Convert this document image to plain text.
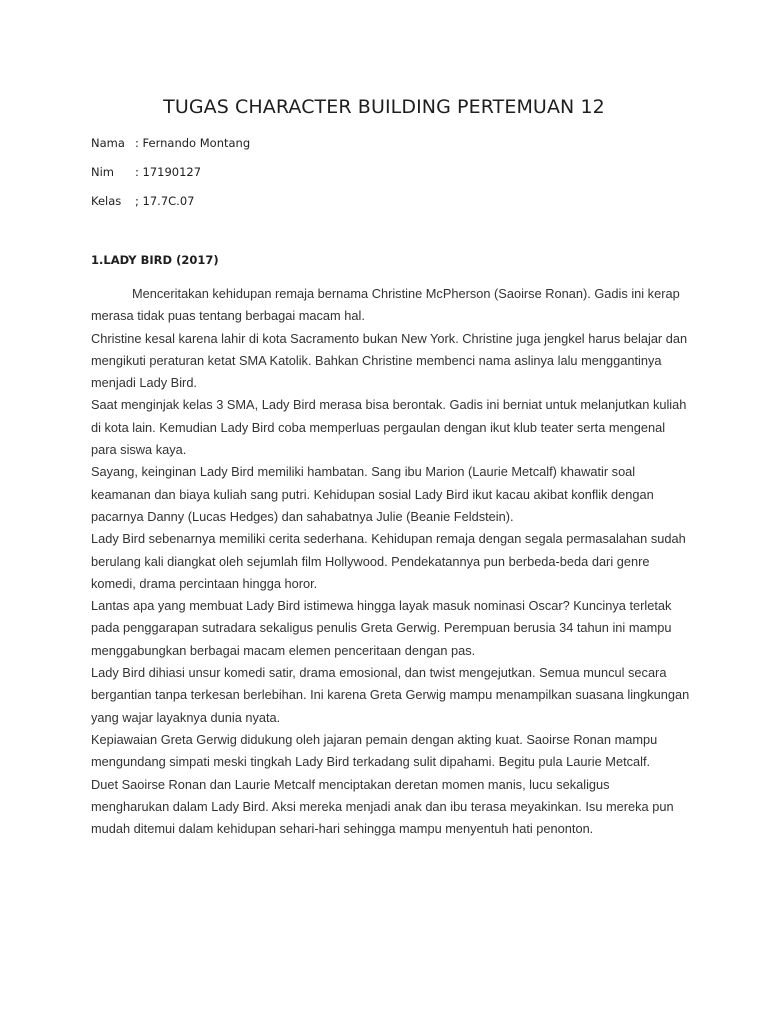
TUGAS CHARACTER BUILDING PERTEMUAN 12
Nama : Fernando Montang
Nim : 17190127
Kelas ; 17.7C.07
1.LADY BIRD (2017)

Menceritakan kehidupan remaja bernama Christine McPherson (Saoirse Ronan). Gadis ini kerap merasa tidak puas tentang berbagai macam hal.

Christine kesal karena lahir di kota Sacramento bukan New York. Christine juga jengkel harus belajar dan mengikuti peraturan ketat SMA Katolik. Bahkan Christine membenci nama aslinya lalu menggantinya menjadi Lady Bird.

Saat menginjak kelas 3 SMA, Lady Bird merasa bisa berontak. Gadis ini berniat untuk melanjutkan kuliah di kota lain. Kemudian Lady Bird coba memperluas pergaulan dengan ikut klub teater serta mengenal para siswa kaya.

Sayang, keinginan Lady Bird memiliki hambatan. Sang ibu Marion (Laurie Metcalf) khawatir soal keamanan dan biaya kuliah sang putri. Kehidupan sosial Lady Bird ikut kacau akibat konflik dengan pacarnya Danny (Lucas Hedges) dan sahabatnya Julie (Beanie Feldstein).

Lady Bird sebenarnya memiliki cerita sederhana. Kehidupan remaja dengan segala permasalahan sudah berulang kali diangkat oleh sejumlah film Hollywood. Pendekatannya pun berbeda-beda dari genre komedi, drama percintaan hingga horor.

Lantas apa yang membuat Lady Bird istimewa hingga layak masuk nominasi Oscar? Kuncinya terletak pada penggarapan sutradara sekaligus penulis Greta Gerwig. Perempuan berusia 34 tahun ini mampu menggabungkan berbagai macam elemen penceritaan dengan pas.

Lady Bird dihiasi unsur komedi satir, drama emosional, dan twist mengejutkan. Semua muncul secara bergantian tanpa terkesan berlebihan. Ini karena Greta Gerwig mampu menampilkan suasana lingkungan yang wajar layaknya dunia nyata.

Kepiawaian Greta Gerwig didukung oleh jajaran pemain dengan akting kuat. Saoirse Ronan mampu mengundang simpati meski tingkah Lady Bird terkadang sulit dipahami. Begitu pula Laurie Metcalf.

Duet Saoirse Ronan dan Laurie Metcalf menciptakan deretan momen manis, lucu sekaligus mengharukan dalam Lady Bird. Aksi mereka menjadi anak dan ibu terasa meyakinkan. Isu mereka pun mudah ditemui dalam kehidupan sehari-hari sehingga mampu menyentuh hati penonton.
